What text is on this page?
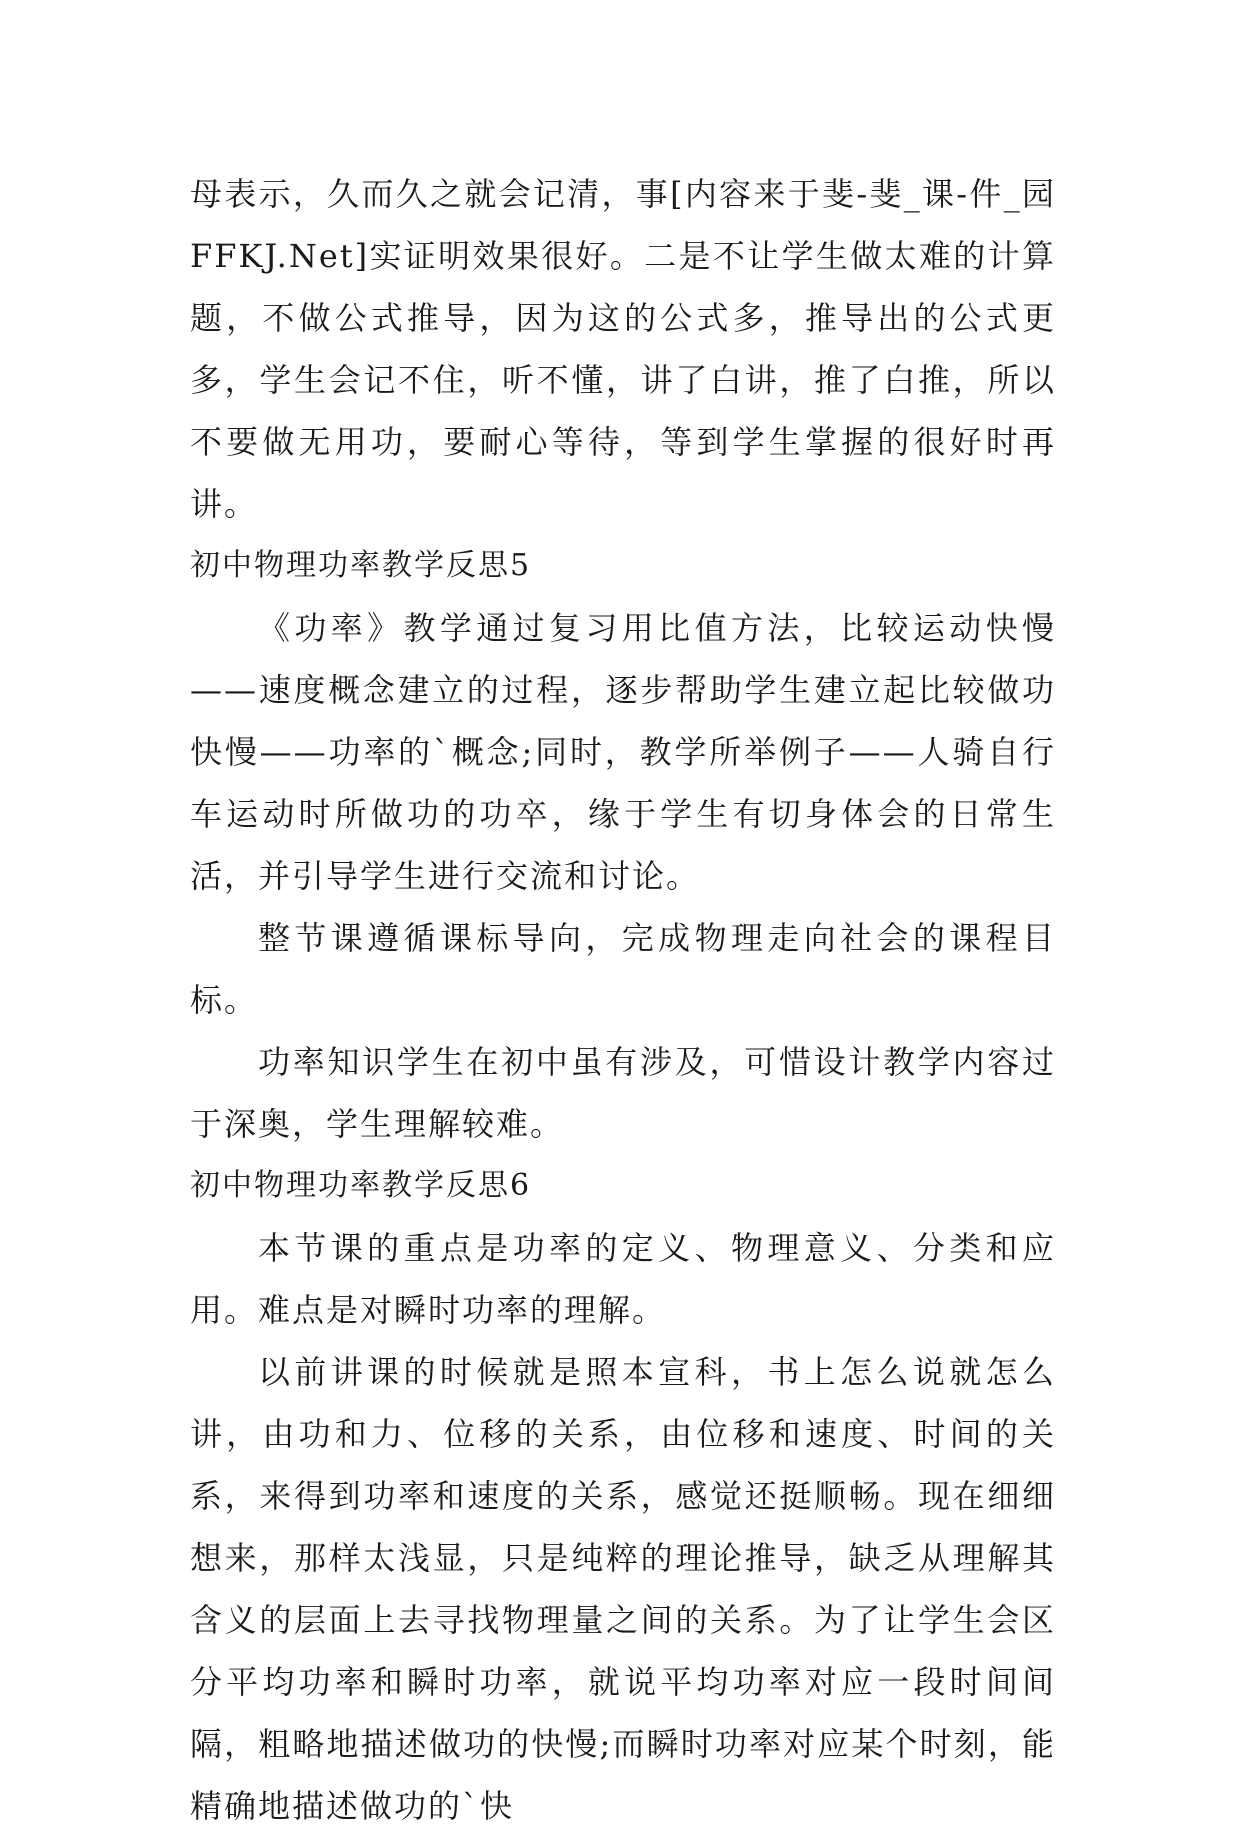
母表示，久而久之就会记清，事[内容来于斐-斐_课-件_园FFKJ.Net]实证明效果很好。二是不让学生做太难的计算题，不做公式推导，因为这的公式多，推导出的公式更多，学生会记不住，听不懂，讲了白讲，推了白推，所以不要做无用功，要耐心等待，等到学生掌握的很好时再讲。

初中物理功率教学反思5

《功率》教学通过复习用比值方法，比较运动快慢——速度概念建立的过程，逐步帮助学生建立起比较做功快慢——功率的`概念;同时，教学所举例子——人骑自行车运动时所做功的功卒，缘于学生有切身体会的日常生活，并引导学生进行交流和讨论。

整节课遵循课标导向，完成物理走向社会的课程目标。

功率知识学生在初中虽有涉及，可惜设计教学内容过于深奥，学生理解较难。

初中物理功率教学反思6

本节课的重点是功率的定义、物理意义、分类和应用。难点是对瞬时功率的理解。

以前讲课的时候就是照本宣科，书上怎么说就怎么讲，由功和力、位移的关系，由位移和速度、时间的关系，来得到功率和速度的关系，感觉还挺顺畅。现在细细想来，那样太浅显，只是纯粹的理论推导，缺乏从理解其含义的层面上去寻找物理量之间的关系。为了让学生会区分平均功率和瞬时功率，就说平均功率对应一段时间间隔，粗略地描述做功的快慢;而瞬时功率对应某个时刻，能精确地描述做功的`快
